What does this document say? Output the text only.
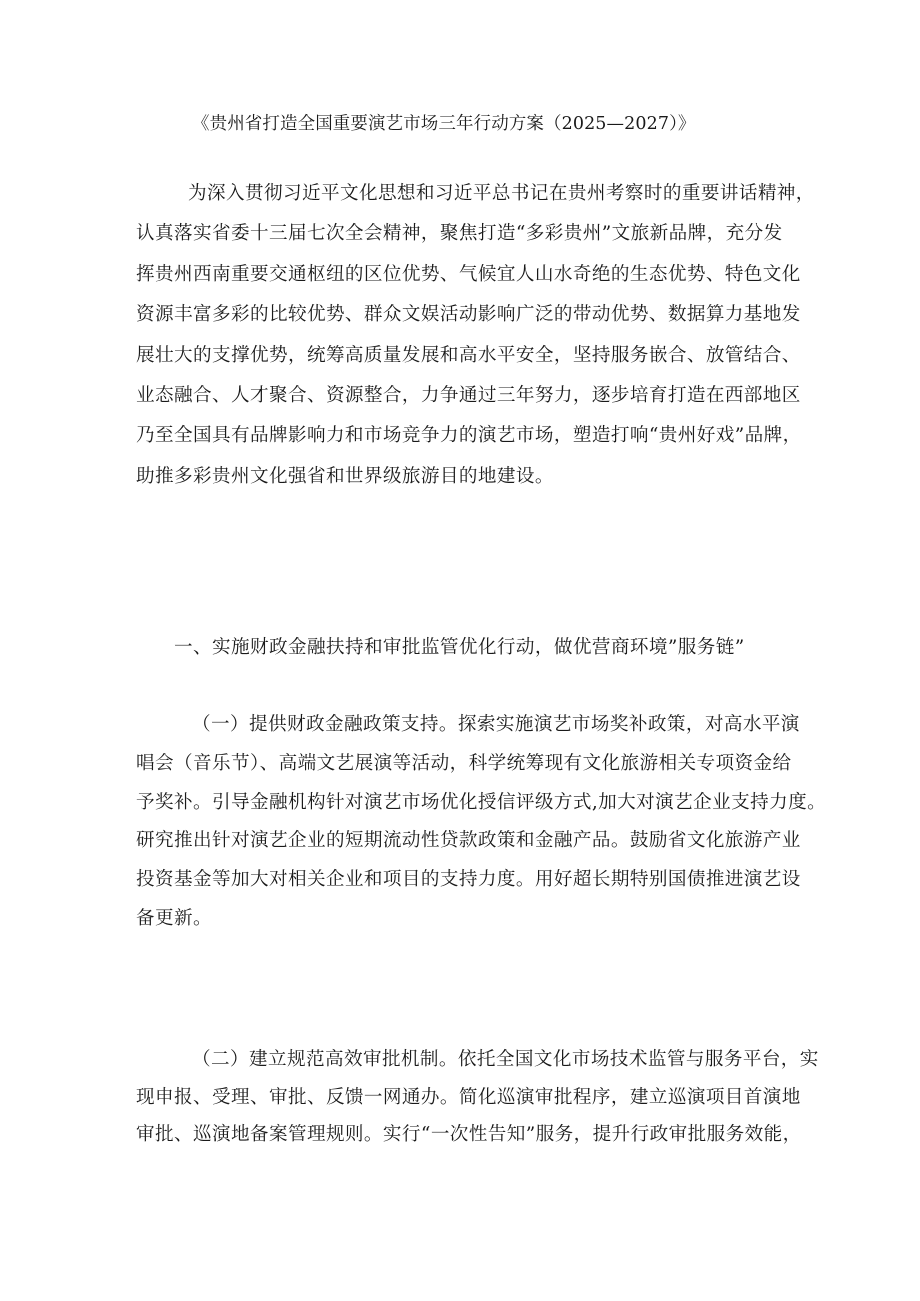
《贵州省打造全国重要演艺市场三年行动方案（2025—2027）》

为深入贯彻习近平文化思想和习近平总书记在贵州考察时的重要讲话精神，
认真落实省委十三届七次全会精神，聚焦打造“多彩贵州”文旅新品牌，充分发
挥贵州西南重要交通枢纽的区位优势、气候宜人山水奇绝的生态优势、特色文化
资源丰富多彩的比较优势、群众文娱活动影响广泛的带动优势、数据算力基地发
展壮大的支撑优势，统筹高质量发展和高水平安全，坚持服务嵌合、放管结合、
业态融合、人才聚合、资源整合，力争通过三年努力，逐步培育打造在西部地区
乃至全国具有品牌影响力和市场竞争力的演艺市场，塑造打响“贵州好戏”品牌，
助推多彩贵州文化强省和世界级旅游目的地建设。

一、实施财政金融扶持和审批监管优化行动，做优营商环境”服务链”

（一）提供财政金融政策支持。探索实施演艺市场奖补政策，对高水平演
唱会（音乐节）、高端文艺展演等活动，科学统筹现有文化旅游相关专项资金给
予奖补。引导金融机构针对演艺市场优化授信评级方式,加大对演艺企业支持力度。
研究推出针对演艺企业的短期流动性贷款政策和金融产品。鼓励省文化旅游产业
投资基金等加大对相关企业和项目的支持力度。用好超长期特别国债推进演艺设
备更新。

（二）建立规范高效审批机制。依托全国文化市场技术监管与服务平台，实
现申报、受理、审批、反馈一网通办。简化巡演审批程序，建立巡演项目首演地
审批、巡演地备案管理规则。实行“一次性告知”服务，提升行政审批服务效能，
